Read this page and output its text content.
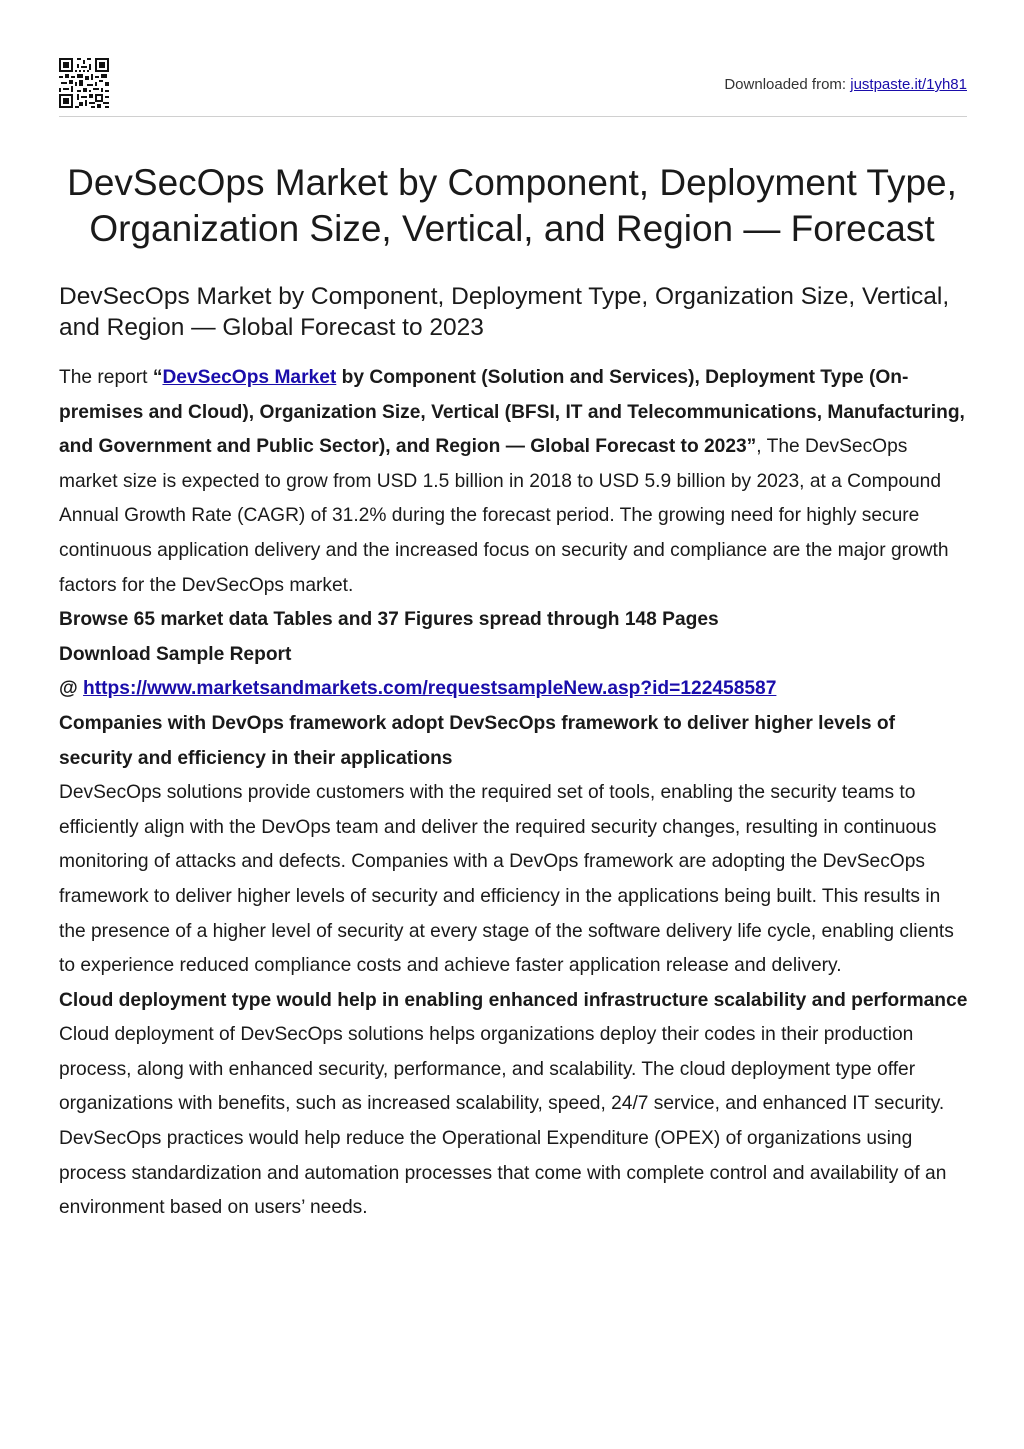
Downloaded from: justpaste.it/1yh81
DevSecOps Market by Component, Deployment Type, Organization Size, Vertical, and Region — Forecast
DevSecOps Market by Component, Deployment Type, Organization Size, Vertical, and Region — Global Forecast to 2023

The report “DevSecOps Market by Component (Solution and Services), Deployment Type (On-premises and Cloud), Organization Size, Vertical (BFSI, IT and Telecommunications, Manufacturing, and Government and Public Sector), and Region — Global Forecast to 2023”, The DevSecOps market size is expected to grow from USD 1.5 billion in 2018 to USD 5.9 billion by 2023, at a Compound Annual Growth Rate (CAGR) of 31.2% during the forecast period. The growing need for highly secure continuous application delivery and the increased focus on security and compliance are the major growth factors for the DevSecOps market.

Browse 65 market data Tables and 37 Figures spread through 148 Pages

Download Sample Report

@ https://www.marketsandmarkets.com/requestsampleNew.asp?id=122458587

Companies with DevOps framework adopt DevSecOps framework to deliver higher levels of security and efficiency in their applications

DevSecOps solutions provide customers with the required set of tools, enabling the security teams to efficiently align with the DevOps team and deliver the required security changes, resulting in continuous monitoring of attacks and defects. Companies with a DevOps framework are adopting the DevSecOps framework to deliver higher levels of security and efficiency in the applications being built. This results in the presence of a higher level of security at every stage of the software delivery life cycle, enabling clients to experience reduced compliance costs and achieve faster application release and delivery.

Cloud deployment type would help in enabling enhanced infrastructure scalability and performance

Cloud deployment of DevSecOps solutions helps organizations deploy their codes in their production process, along with enhanced security, performance, and scalability. The cloud deployment type offer organizations with benefits, such as increased scalability, speed, 24/7 service, and enhanced IT security. DevSecOps practices would help reduce the Operational Expenditure (OPEX) of organizations using process standardization and automation processes that come with complete control and availability of an environment based on users’ needs.
